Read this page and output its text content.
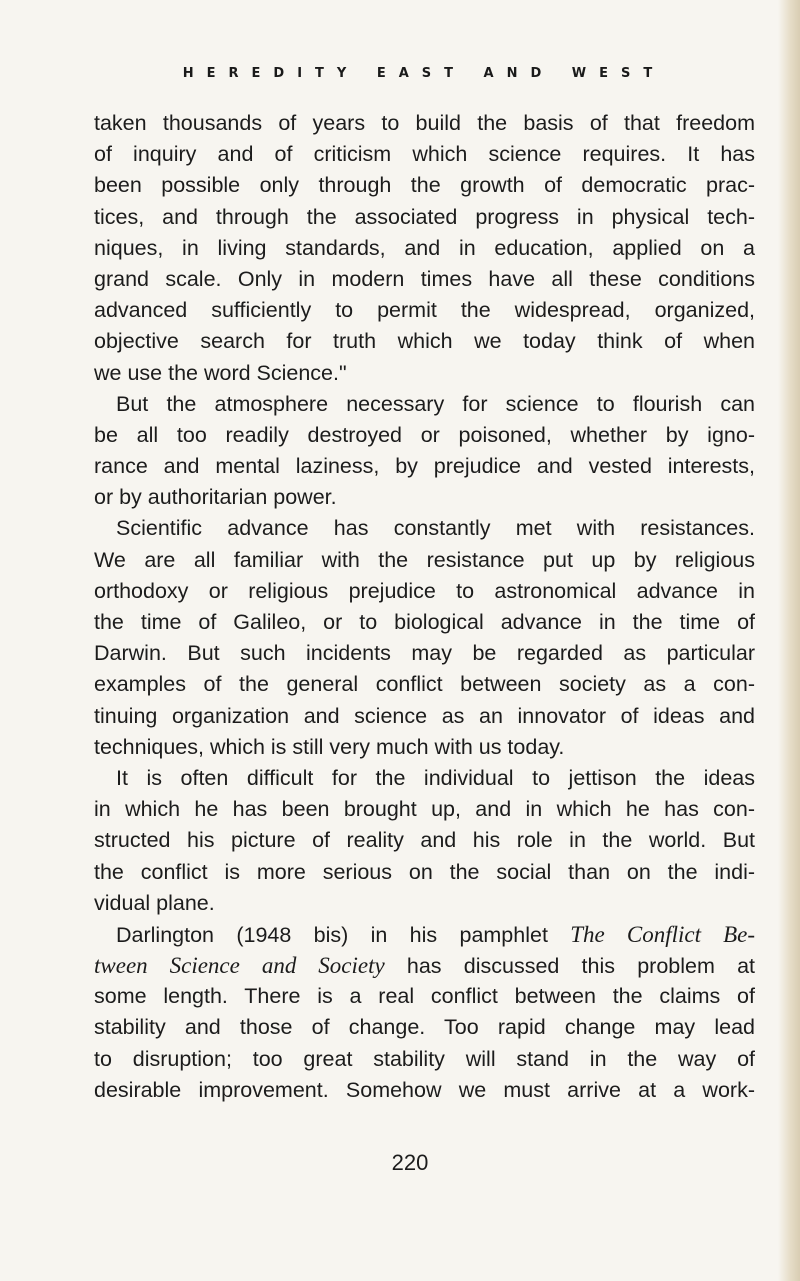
HEREDITY EAST AND WEST
taken thousands of years to build the basis of that freedom
of inquiry and of criticism which science requires. It has
been possible only through the growth of democratic prac-
tices, and through the associated progress in physical tech-
niques, in living standards, and in education, applied on a
grand scale. Only in modern times have all these conditions
advanced sufficiently to permit the widespread, organized,
objective search for truth which we today think of when
we use the word Science."
But the atmosphere necessary for science to flourish can
be all too readily destroyed or poisoned, whether by igno-
rance and mental laziness, by prejudice and vested interests,
or by authoritarian power.
Scientific advance has constantly met with resistances.
We are all familiar with the resistance put up by religious
orthodoxy or religious prejudice to astronomical advance in
the time of Galileo, or to biological advance in the time of
Darwin. But such incidents may be regarded as particular
examples of the general conflict between society as a con-
tinuing organization and science as an innovator of ideas and
techniques, which is still very much with us today.
It is often difficult for the individual to jettison the ideas
in which he has been brought up, and in which he has con-
structed his picture of reality and his role in the world. But
the conflict is more serious on the social than on the indi-
vidual plane.
Darlington (1948 bis) in his pamphlet The Conflict Be-
tween Science and Society has discussed this problem at
some length. There is a real conflict between the claims of
stability and those of change. Too rapid change may lead
to disruption; too great stability will stand in the way of
desirable improvement. Somehow we must arrive at a work-
220
